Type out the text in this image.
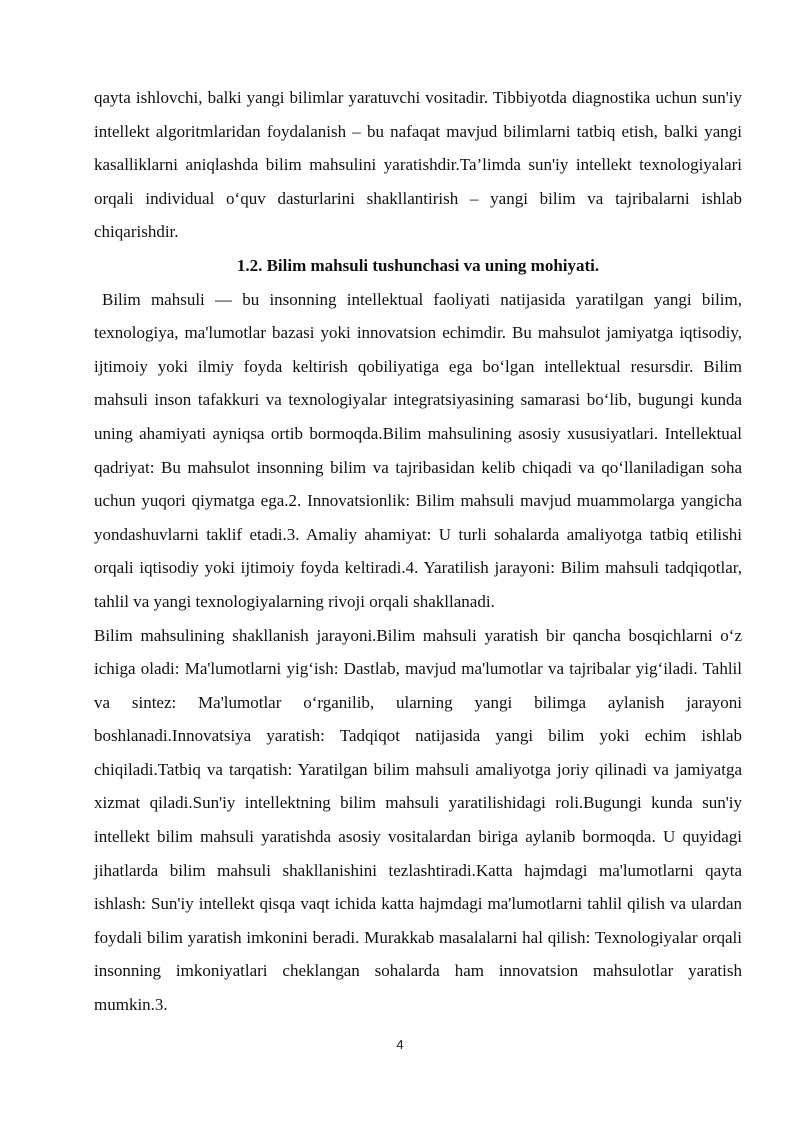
qayta ishlovchi, balki yangi bilimlar yaratuvchi vositadir. Tibbiyotda diagnostika uchun sun'iy intellekt algoritmlaridan foydalanish – bu nafaqat mavjud bilimlarni tatbiq etish, balki yangi kasalliklarni aniqlashda bilim mahsulini yaratishdir.Ta’limda sun'iy intellekt texnologiyalari orqali individual o‘quv dasturlarini shakllantirish – yangi bilim va tajribalarni ishlab chiqarishdir.

1.2. Bilim mahsuli tushunchasi va uning mohiyati.

Bilim mahsuli — bu insonning intellektual faoliyati natijasida yaratilgan yangi bilim, texnologiya, ma'lumotlar bazasi yoki innovatsion echimdir. Bu mahsulot jamiyatga iqtisodiy, ijtimoiy yoki ilmiy foyda keltirish qobiliyatiga ega bo‘lgan intellektual resursdir. Bilim mahsuli inson tafakkuri va texnologiyalar integratsiyasining samarasi bo‘lib, bugungi kunda uning ahamiyati ayniqsa ortib bormoqda.Bilim mahsulining asosiy xususiyatlari. Intellektual qadriyat: Bu mahsulot insonning bilim va tajribasidan kelib chiqadi va qo‘llaniladigan soha uchun yuqori qiymatga ega.2. Innovatsionlik: Bilim mahsuli mavjud muammolarga yangicha yondashuvlarni taklif etadi.3. Amaliy ahamiyat: U turli sohalarda amaliyotga tatbiq etilishi orqali iqtisodiy yoki ijtimoiy foyda keltiradi.4. Yaratilish jarayoni: Bilim mahsuli tadqiqotlar, tahlil va yangi texnologiyalarning rivoji orqali shakllanadi.

Bilim mahsulining shakllanish jarayoni.Bilim mahsuli yaratish bir qancha bosqichlarni o‘z ichiga oladi: Ma'lumotlarni yig‘ish: Dastlab, mavjud ma'lumotlar va tajribalar yig‘iladi. Tahlil va sintez: Ma'lumotlar o‘rganilib, ularning yangi bilimga aylanish jarayoni boshlanadi.Innovatsiya yaratish: Tadqiqot natijasida yangi bilim yoki echim ishlab chiqiladi.Tatbiq va tarqatish: Yaratilgan bilim mahsuli amaliyotga joriy qilinadi va jamiyatga xizmat qiladi.Sun'iy intellektning bilim mahsuli yaratilishidagi roli.Bugungi kunda sun'iy intellekt bilim mahsuli yaratishda asosiy vositalardan biriga aylanib bormoqda. U quyidagi jihatlarda bilim mahsuli shakllanishini tezlashtiradi.Katta hajmdagi ma'lumotlarni qayta ishlash: Sun'iy intellekt qisqa vaqt ichida katta hajmdagi ma'lumotlarni tahlil qilish va ulardan foydali bilim yaratish imkonini beradi. Murakkab masalalarni hal qilish: Texnologiyalar orqali insonning imkoniyatlari cheklangan sohalarda ham innovatsion mahsulotlar yaratish mumkin.3.

4
